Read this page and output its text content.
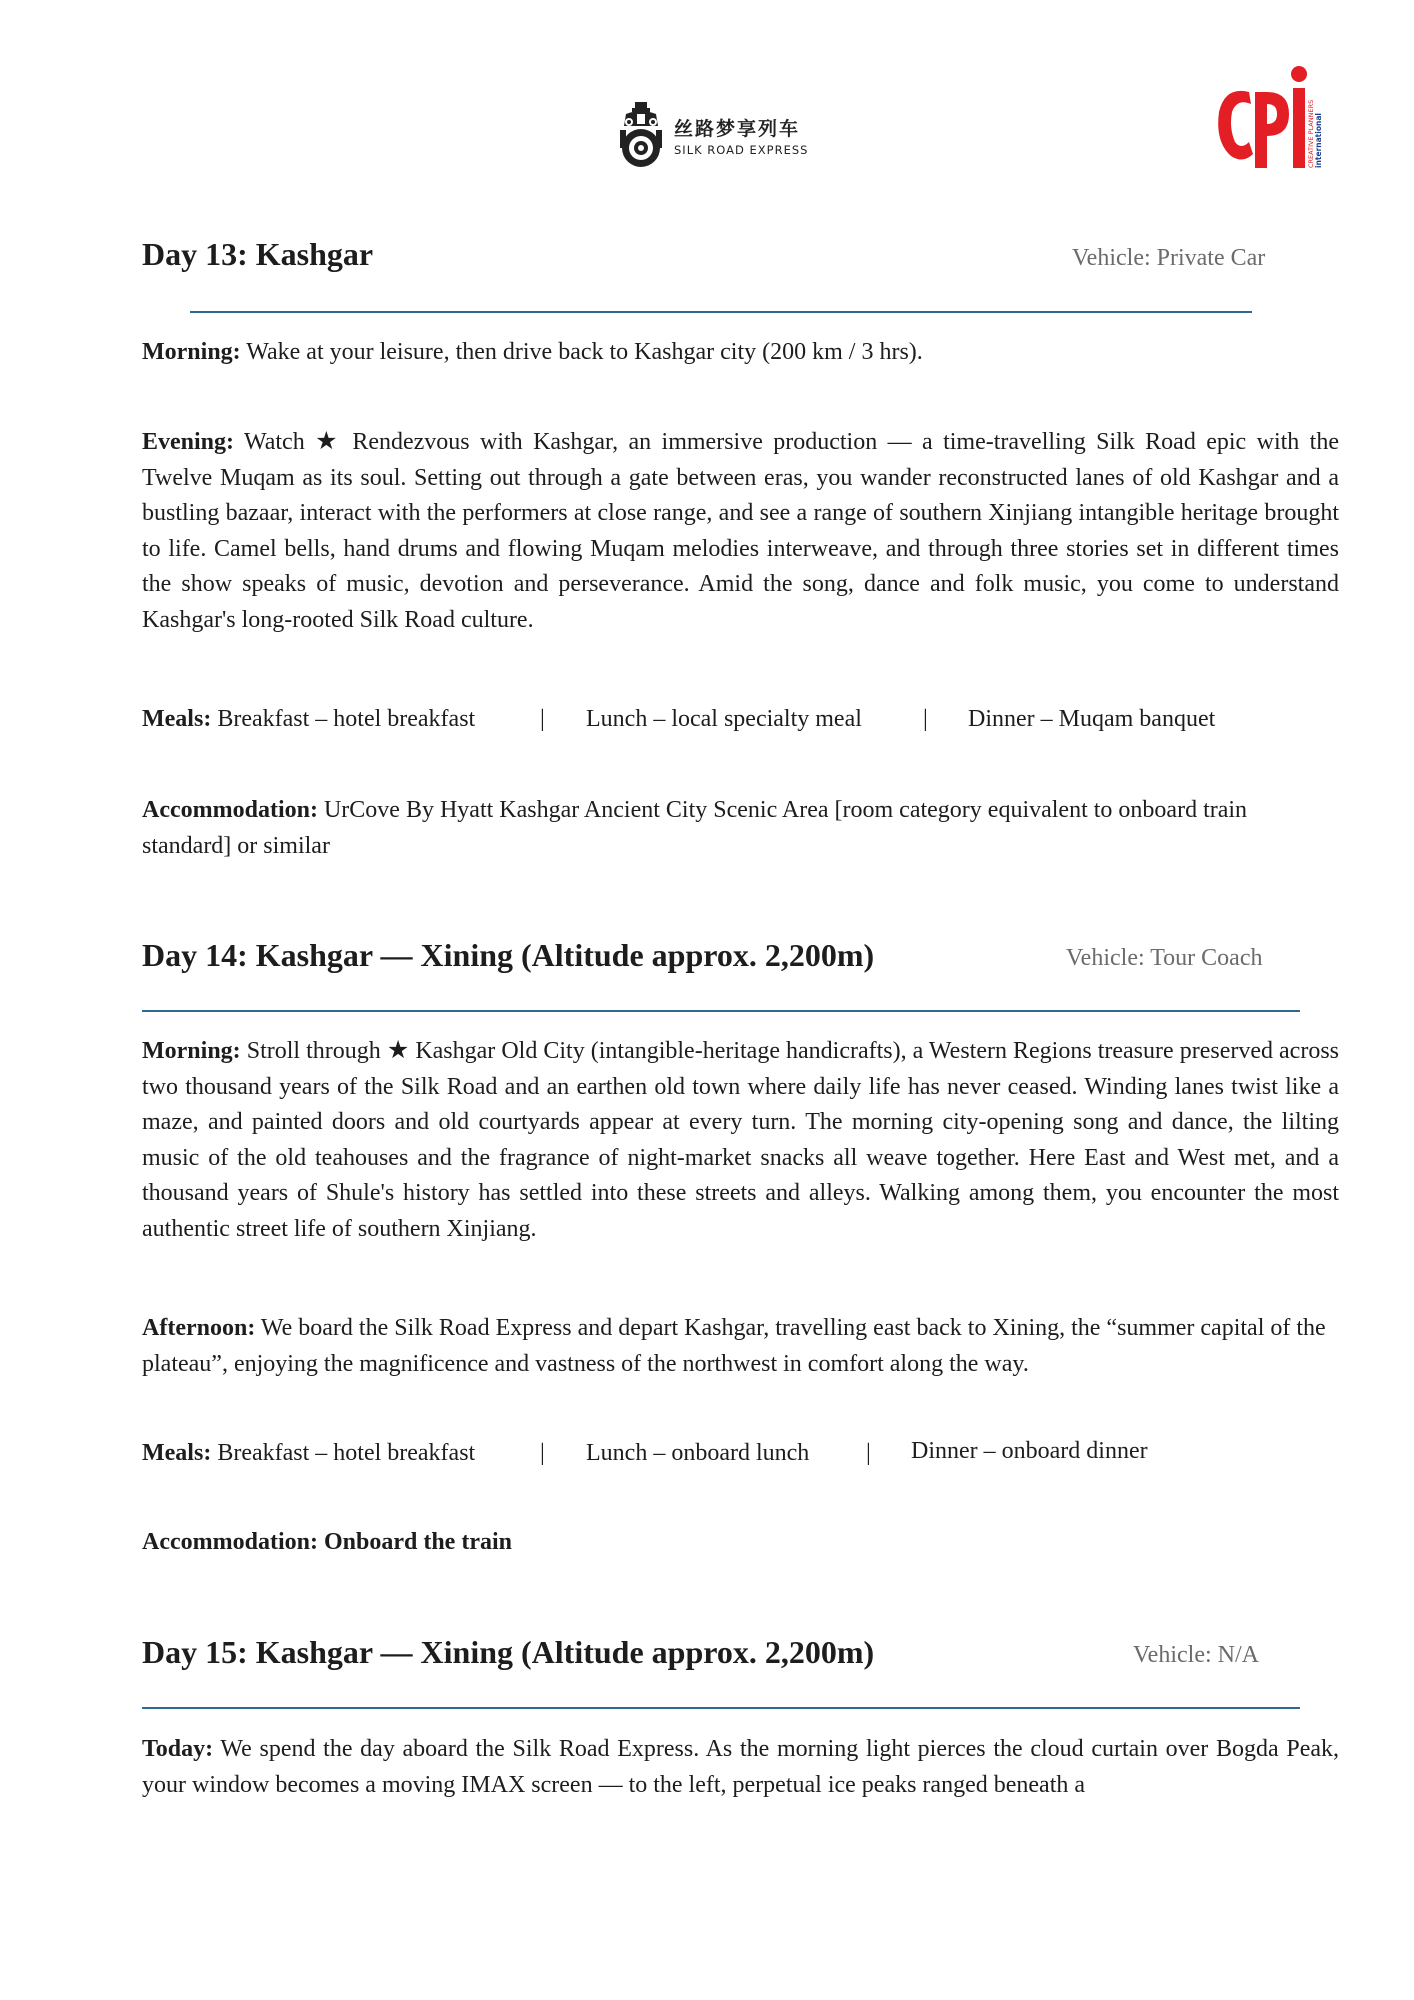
丝路梦享列车
SILK ROAD EXPRESS	CREATIVE PLANNERS international
Day 13: Kashgar	Vehicle: Private Car
Morning: Wake at your leisure, then drive back to Kashgar city (200 km / 3 hrs).
Evening: Watch ★ Rendezvous with Kashgar, an immersive production — a time-travelling Silk Road epic with the Twelve Muqam as its soul. Setting out through a gate between eras, you wander reconstructed lanes of old Kashgar and a bustling bazaar, interact with the performers at close range, and see a range of southern Xinjiang intangible heritage brought to life. Camel bells, hand drums and flowing Muqam melodies interweave, and through three stories set in different times the show speaks of music, devotion and perseverance. Amid the song, dance and folk music, you come to understand Kashgar's long-rooted Silk Road culture.
Meals: Breakfast – hotel breakfast	| Lunch – local specialty meal	| Dinner – Muqam banquet
Accommodation: UrCove By Hyatt Kashgar Ancient City Scenic Area [room category equivalent to onboard train standard] or similar
Day 14: Kashgar — Xining (Altitude approx. 2,200m)	Vehicle: Tour Coach
Morning: Stroll through ★ Kashgar Old City (intangible-heritage handicrafts), a Western Regions treasure preserved across two thousand years of the Silk Road and an earthen old town where daily life has never ceased. Winding lanes twist like a maze, and painted doors and old courtyards appear at every turn. The morning city-opening song and dance, the lilting music of the old teahouses and the fragrance of night-market snacks all weave together. Here East and West met, and a thousand years of Shule's history has settled into these streets and alleys. Walking among them, you encounter the most authentic street life of southern Xinjiang.
Afternoon: We board the Silk Road Express and depart Kashgar, travelling east back to Xining, the “summer capital of the plateau”, enjoying the magnificence and vastness of the northwest in comfort along the way.
Meals: Breakfast – hotel breakfast	| Lunch – onboard lunch | Dinner – onboard dinner
Accommodation: Onboard the train
Day 15: Kashgar — Xining (Altitude approx. 2,200m)	Vehicle: N/A
Today: We spend the day aboard the Silk Road Express. As the morning light pierces the cloud curtain over Bogda Peak, your window becomes a moving IMAX screen — to the left, perpetual ice peaks ranged beneath a
